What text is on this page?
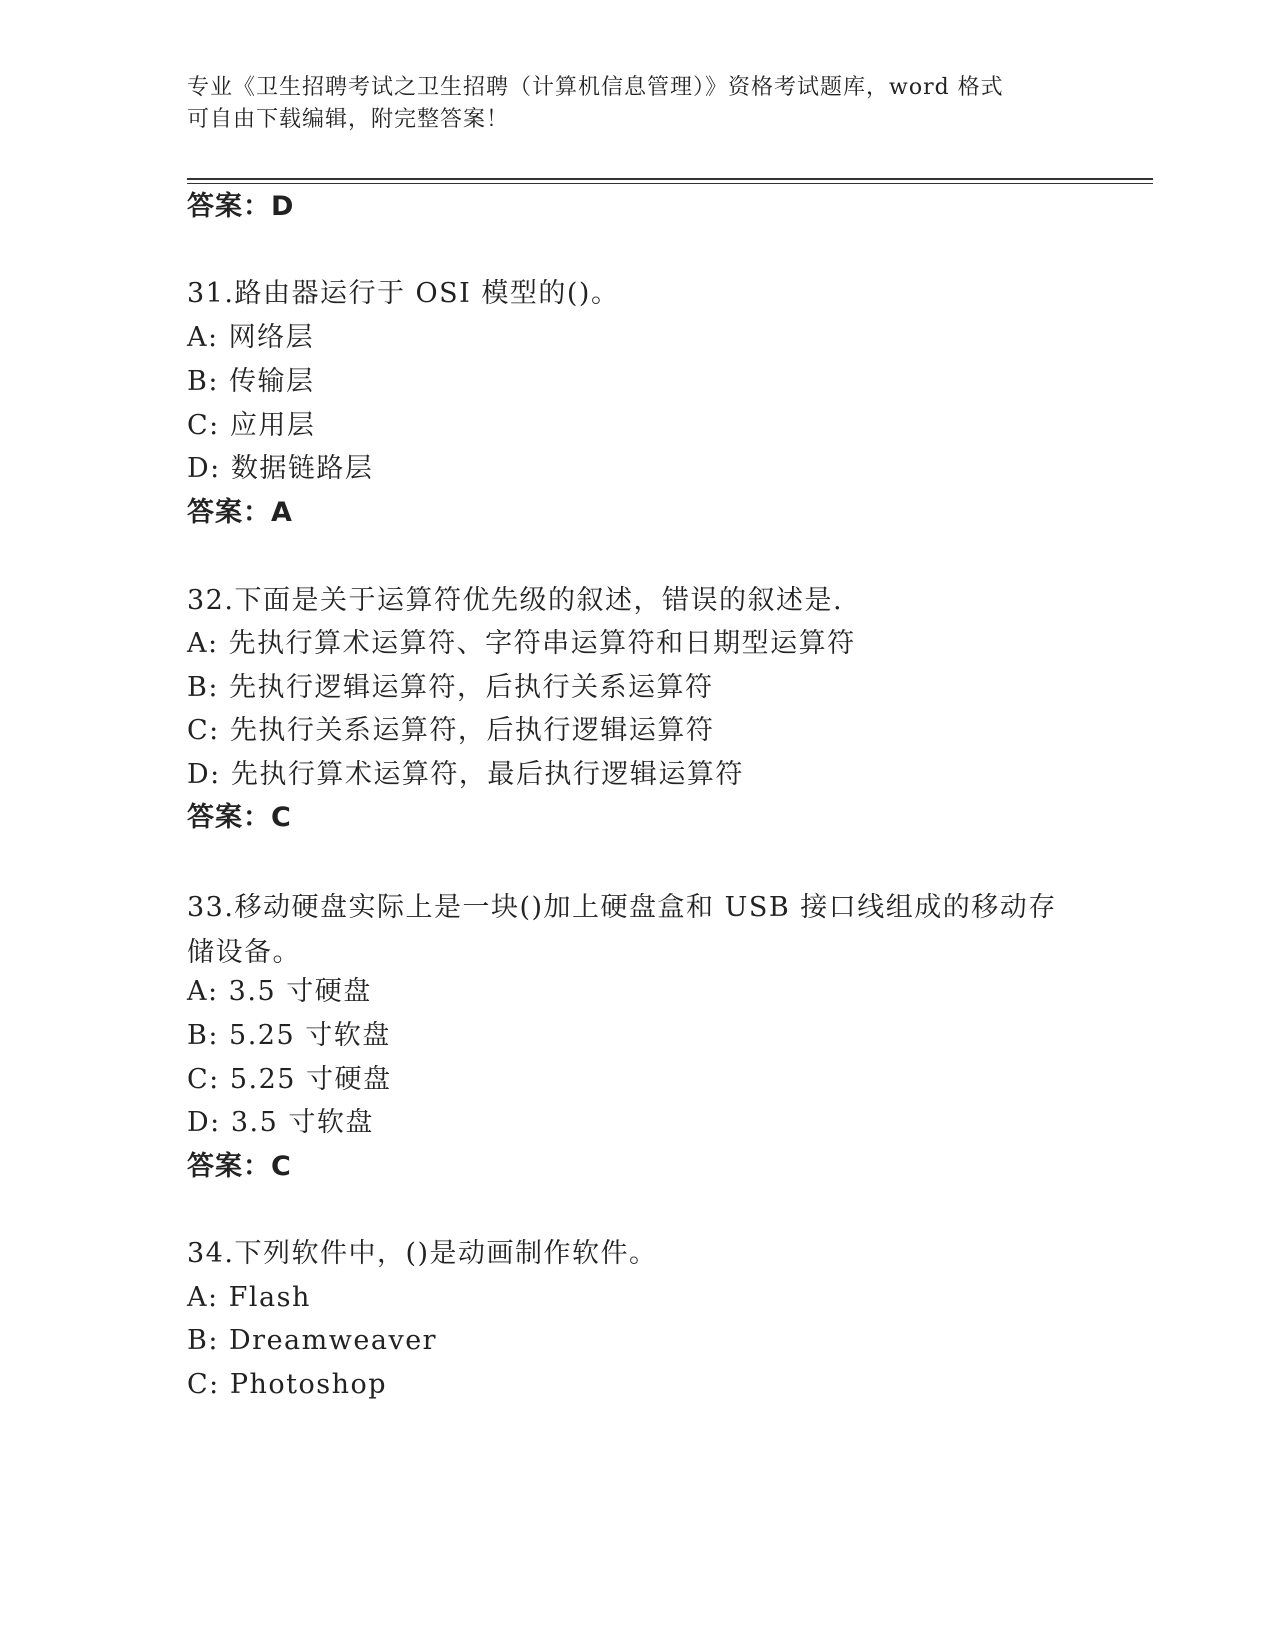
专业《卫生招聘考试之卫生招聘（计算机信息管理）》资格考试题库，word 格式
可自由下载编辑，附完整答案！
答案：D
31.路由器运行于 OSI 模型的()。
A: 网络层
B: 传输层
C: 应用层
D: 数据链路层
答案：A
32.下面是关于运算符优先级的叙述，错误的叙述是.
A: 先执行算术运算符、字符串运算符和日期型运算符
B: 先执行逻辑运算符，后执行关系运算符
C: 先执行关系运算符，后执行逻辑运算符
D: 先执行算术运算符，最后执行逻辑运算符
答案：C
33.移动硬盘实际上是一块()加上硬盘盒和 USB 接口线组成的移动存储设备。
A: 3.5 寸硬盘
B: 5.25 寸软盘
C: 5.25 寸硬盘
D: 3.5 寸软盘
答案：C
34.下列软件中，()是动画制作软件。
A: Flash
B: Dreamweaver
C: Photoshop
